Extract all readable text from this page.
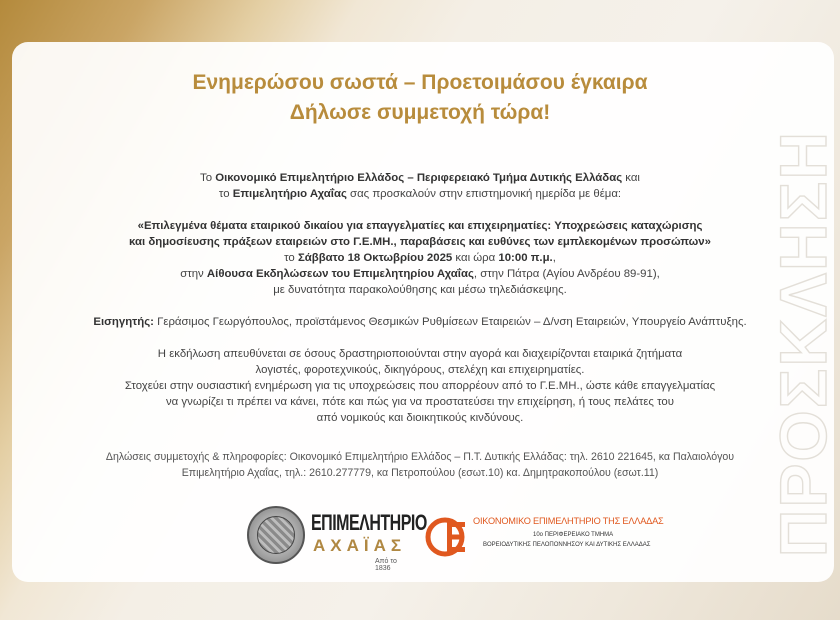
ΠΡΟΣΚΛΗΣΗ
Ενημερώσου σωστά – Προετοιμάσου έγκαιρα
Δήλωσε συμμετοχή τώρα!

Το Οικονομικό Επιμελητήριο Ελλάδος – Περιφερειακό Τμήμα Δυτικής Ελλάδας και

το Επιμελητήριο Αχαΐας σας προσκαλούν στην επιστημονική ημερίδα με θέμα:

«Επιλεγμένα θέματα εταιρικού δικαίου για επαγγελματίες και επιχειρηματίες: Υποχρεώσεις καταχώρισης

και δημοσίευσης πράξεων εταιρειών στο Γ.Ε.ΜΗ., παραβάσεις και ευθύνες των εμπλεκομένων προσώπων»

το Σάββατο 18 Οκτωβρίου 2025 και ώρα 10:00 π.μ.,

στην Αίθουσα Εκδηλώσεων του Επιμελητηρίου Αχαΐας, στην Πάτρα (Αγίου Ανδρέου 89-91),

με δυνατότητα παρακολούθησης και μέσω τηλεδιάσκεψης.

Εισηγητής: Γεράσιμος Γεωργόπουλος, προϊστάμενος Θεσμικών Ρυθμίσεων Εταιρειών – Δ/νση Εταιρειών, Υπουργείο Ανάπτυξης.

Η εκδήλωση απευθύνεται σε όσους δραστηριοποιούνται στην αγορά και διαχειρίζονται εταιρικά ζητήματα

λογιστές, φοροτεχνικούς, δικηγόρους, στελέχη και επιχειρηματίες.

Στοχεύει στην ουσιαστική ενημέρωση για τις υποχρεώσεις που απορρέουν από το Γ.Ε.ΜΗ., ώστε κάθε επαγγελματίας

να γνωρίζει τι πρέπει να κάνει, πότε και πώς για να προστατεύσει την επιχείρηση, ή τους πελάτες του

από νομικούς και διοικητικούς κινδύνους.

Δηλώσεις συμμετοχής & πληροφορίες: Οικονομικό Επιμελητήριο Ελλάδος – Π.Τ. Δυτικής Ελλάδας: τηλ. 2610 221645, κα Παλαιολόγου
Επιμελητήριο Αχαΐας, τηλ.: 2610.277779, κα Πετροπούλου (εσωτ.10) κα. Δημητρακοπούλου (εσωτ.11)
ΕΠΙΜΕΛΗΤΗΡΙΟ
ΑΧΑΪΑΣ
Από το 1836
ΟΙΚΟΝΟΜΙΚΟ ΕΠΙΜΕΛΗΤΗΡΙΟ ΤΗΣ ΕΛΛΑΔΑΣ
10ο ΠΕΡΙΦΕΡΕΙΑΚΟ ΤΜΗΜΑ
ΒΟΡΕΙΟΔΥΤΙΚΗΣ ΠΕΛΟΠΟΝΝΗΣΟΥ ΚΑΙ ΔΥΤΙΚΗΣ ΕΛΛΑΔΑΣ
